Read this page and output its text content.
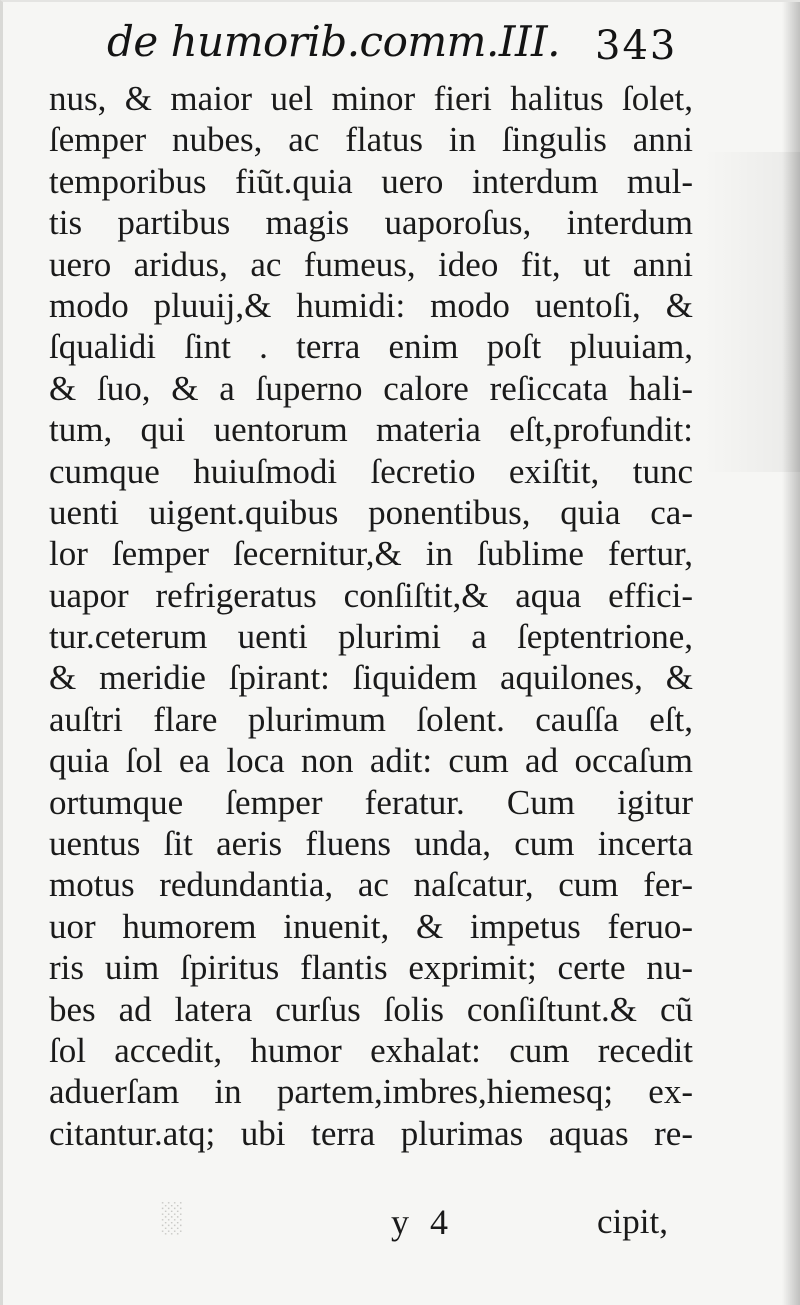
de humorib.comm.III. 343
nus, & maior uel minor fieri halitus ſolet,
ſemper nubes, ac flatus in ſingulis anni
temporibus fiũt.quia uero interdum mul-
tis partibus magis uaporoſus, interdum
uero aridus, ac fumeus, ideo fit, ut anni
modo pluuij,& humidi: modo uentoſi, &
ſqualidi ſint . terra enim poſt pluuiam,
& ſuo, & a ſuperno calore reſiccata hali-
tum, qui uentorum materia eſt,profundit:
cumque huiuſmodi ſecretio exiſtit, tunc
uenti uigent.quibus ponentibus, quia ca-
lor ſemper ſecernitur,& in ſublime fertur,
uapor refrigeratus conſiſtit,& aqua effici-
tur.ceterum uenti plurimi a ſeptentrione,
& meridie ſpirant: ſiquidem aquilones, &
auſtri flare plurimum ſolent. cauſſa eſt,
quia ſol ea loca non adit: cum ad occaſum
ortumque ſemper feratur. Cum igitur
uentus ſit aeris fluens unda, cum incerta
motus redundantia, ac naſcatur, cum fer-
uor humorem inuenit, & impetus feruo-
ris uim ſpiritus flantis exprimit; certe nu-
bes ad latera curſus ſolis conſiſtunt.& cũ
ſol accedit, humor exhalat: cum recedit
aduerſam in partem,imbres,hiemesq; ex-
citantur.atq; ubi terra plurimas aquas re-
░	y 4	cipit,
